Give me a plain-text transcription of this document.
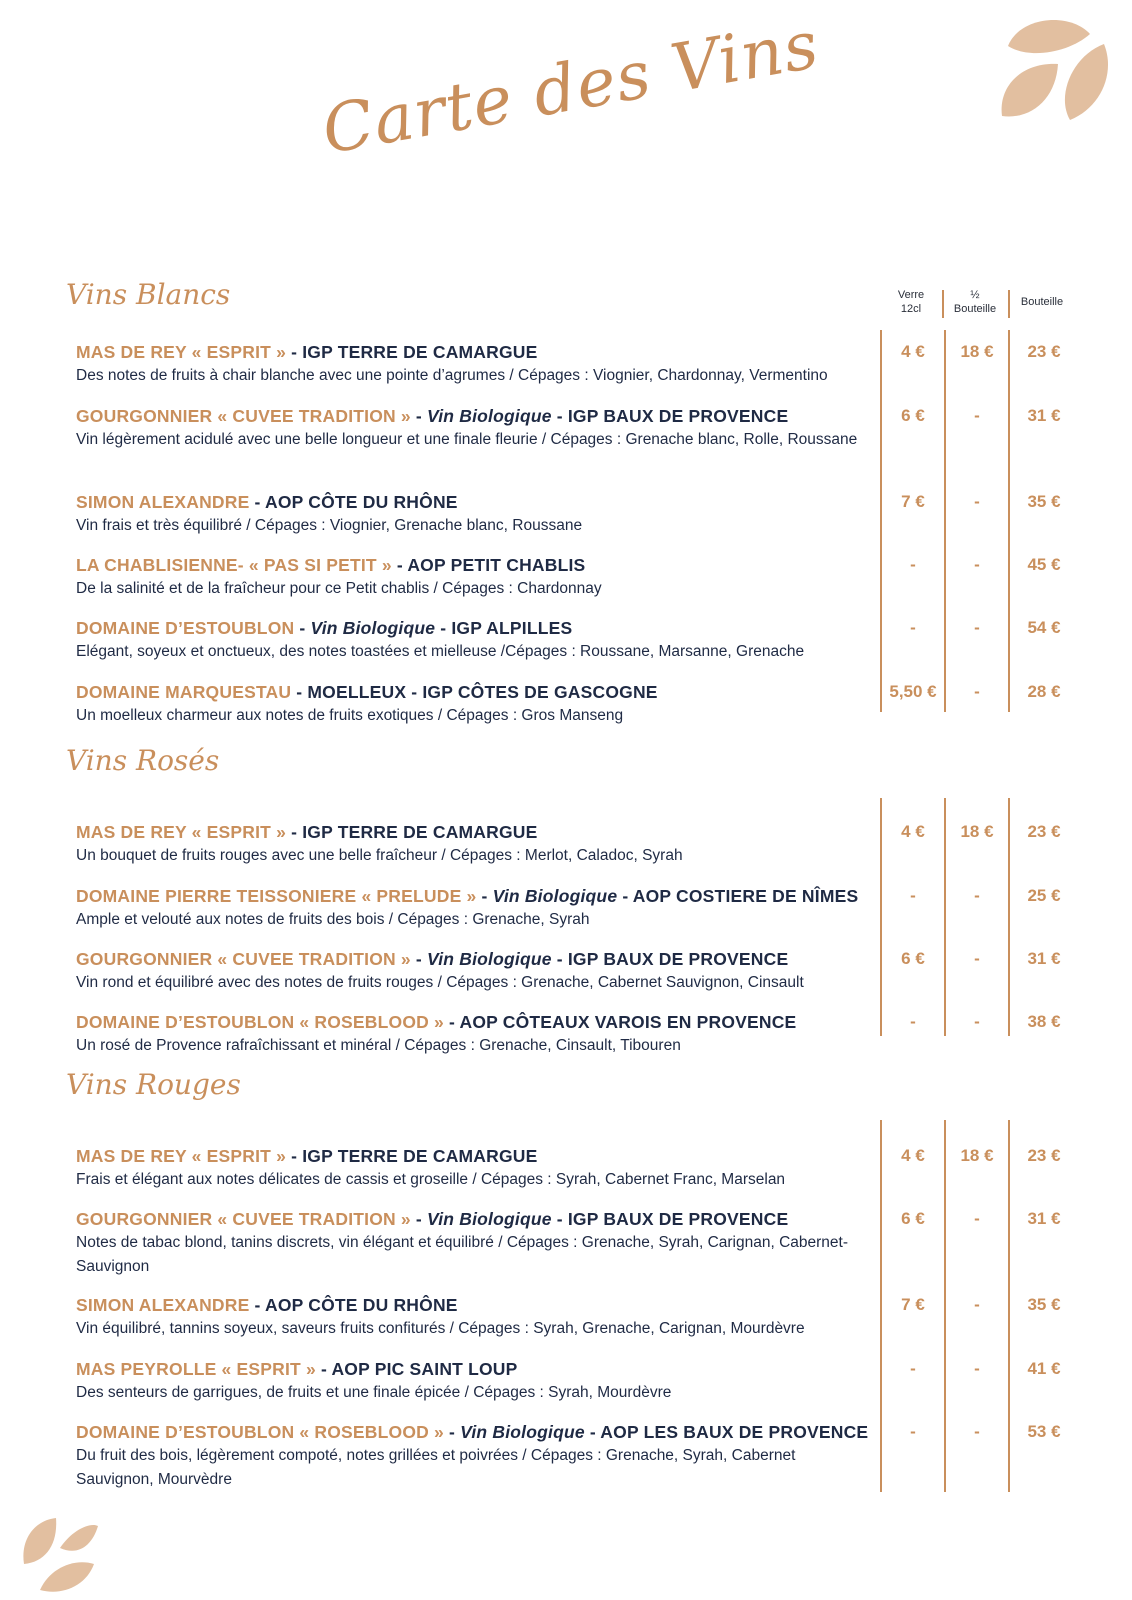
Carte des Vins
Verre 12cl
½ Bouteille
Bouteille
Vins Blancs
Vins Rosés
Vins Rouges
MAS DE REY « ESPRIT » - IGP TERRE DE CAMARGUE
Des notes de fruits à chair blanche avec une pointe d’agrumes / Cépages : Viognier, Chardonnay, Vermentino
4 €	18 €	23 €
GOURGONNIER « CUVEE TRADITION » - Vin Biologique - IGP BAUX DE PROVENCE
Vin légèrement acidulé avec une belle longueur et une finale fleurie / Cépages : Grenache blanc, Rolle, Roussane
6 €	-	31 €
SIMON ALEXANDRE - AOP CÔTE DU RHÔNE
Vin frais et très équilibré / Cépages : Viognier, Grenache blanc, Roussane
7 €	-	35 €
LA CHABLISIENNE- « PAS SI PETIT » - AOP PETIT CHABLIS
De la salinité et de la fraîcheur pour ce Petit chablis / Cépages : Chardonnay
-	-	45 €
DOMAINE D’ESTOUBLON - Vin Biologique - IGP ALPILLES
Elégant, soyeux et onctueux, des notes toastées et mielleuse /Cépages : Roussane, Marsanne, Grenache
-	-	54 €
DOMAINE MARQUESTAU - MOELLEUX - IGP CÔTES DE GASCOGNE
Un moelleux charmeur aux notes de fruits exotiques / Cépages : Gros Manseng
5,50 €	-	28 €
MAS DE REY « ESPRIT » - IGP TERRE DE CAMARGUE
Un bouquet de fruits rouges avec une belle fraîcheur / Cépages : Merlot, Caladoc, Syrah
4 €	18 €	23 €
DOMAINE PIERRE TEISSONIERE « PRELUDE » - Vin Biologique - AOP COSTIERE DE NÎMES
Ample et velouté aux notes de fruits des bois / Cépages : Grenache, Syrah
-	-	25 €
GOURGONNIER « CUVEE TRADITION » - Vin Biologique - IGP BAUX DE PROVENCE
Vin rond et équilibré avec des notes de fruits rouges / Cépages : Grenache, Cabernet Sauvignon, Cinsault
6 €	-	31 €
DOMAINE D’ESTOUBLON « ROSEBLOOD » - AOP CÔTEAUX VAROIS EN PROVENCE
Un rosé de Provence rafraîchissant et minéral / Cépages : Grenache, Cinsault, Tibouren
-	-	38 €
MAS DE REY « ESPRIT » - IGP TERRE DE CAMARGUE
Frais et élégant aux notes délicates de cassis et groseille / Cépages : Syrah, Cabernet Franc, Marselan
4 €	18 €	23 €
GOURGONNIER « CUVEE TRADITION » - Vin Biologique - IGP BAUX DE PROVENCE
Notes de tabac blond, tanins discrets, vin élégant et équilibré / Cépages : Grenache, Syrah, Carignan, Cabernet-Sauvignon
6 €	-	31 €
SIMON ALEXANDRE - AOP CÔTE DU RHÔNE
Vin équilibré, tannins soyeux, saveurs fruits confiturés / Cépages : Syrah, Grenache, Carignan, Mourdèvre
7 €	-	35 €
MAS PEYROLLE « ESPRIT » - AOP PIC SAINT LOUP
Des senteurs de garrigues, de fruits et une finale épicée / Cépages : Syrah, Mourdèvre
-	-	41 €
DOMAINE D’ESTOUBLON « ROSEBLOOD » - Vin Biologique - AOP LES BAUX DE PROVENCE
Du fruit des bois, légèrement compoté, notes grillées et poivrées / Cépages : Grenache, Syrah, Cabernet Sauvignon, Mourvèdre
-	-	53 €
